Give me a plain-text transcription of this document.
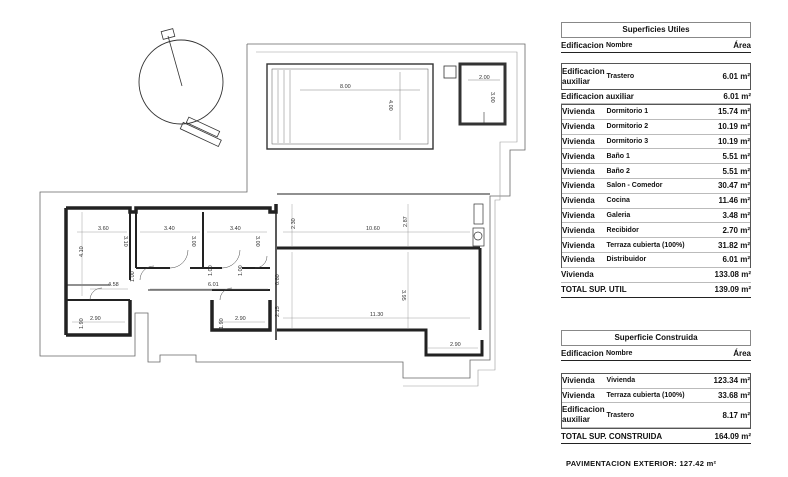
8.00
4.00
2.00
3.00
3.60	3.40	3.40	10.60
11.30
6.01
4.58
2.90	2.90
2.90
4.10
3.10	3.00	3.00
2.30	2.87
3.95
1.90	1.90
1.00
1.00	1.00
0.80
2.15
Superficies Utiles
Edificacion Nombre	Área
Edificacion auxiliar	Trastero	6.01 m²
Edificacion auxiliar	6.01 m²
Vivienda	Dormitorio 1	15.74 m²
Vivienda	Dormitorio 2	10.19 m²
Vivienda	Dormitorio 3	10.19 m²
Vivienda	Baño 1	5.51 m²
Vivienda	Baño 2	5.51 m²
Vivienda	Salon - Comedor	30.47 m²
Vivienda	Cocina	11.46 m²
Vivienda	Galeria	3.48 m²
Vivienda	Recibidor	2.70 m²
Vivienda	Terraza cubierta (100%)	31.82 m²
Vivienda	Distribuidor	6.01 m²
Vivienda	133.08 m²
TOTAL SUP. UTIL	139.09 m²
Superficie Construida
Edificacion Nombre	Área
Vivienda	Vivienda	123.34 m²
Vivienda	Terraza cubierta (100%)	33.68 m²
Edificacion auxiliar	Trastero	8.17 m²
TOTAL SUP. CONSTRUIDA	164.09 m²
PAVIMENTACION EXTERIOR: 127.42 m²
